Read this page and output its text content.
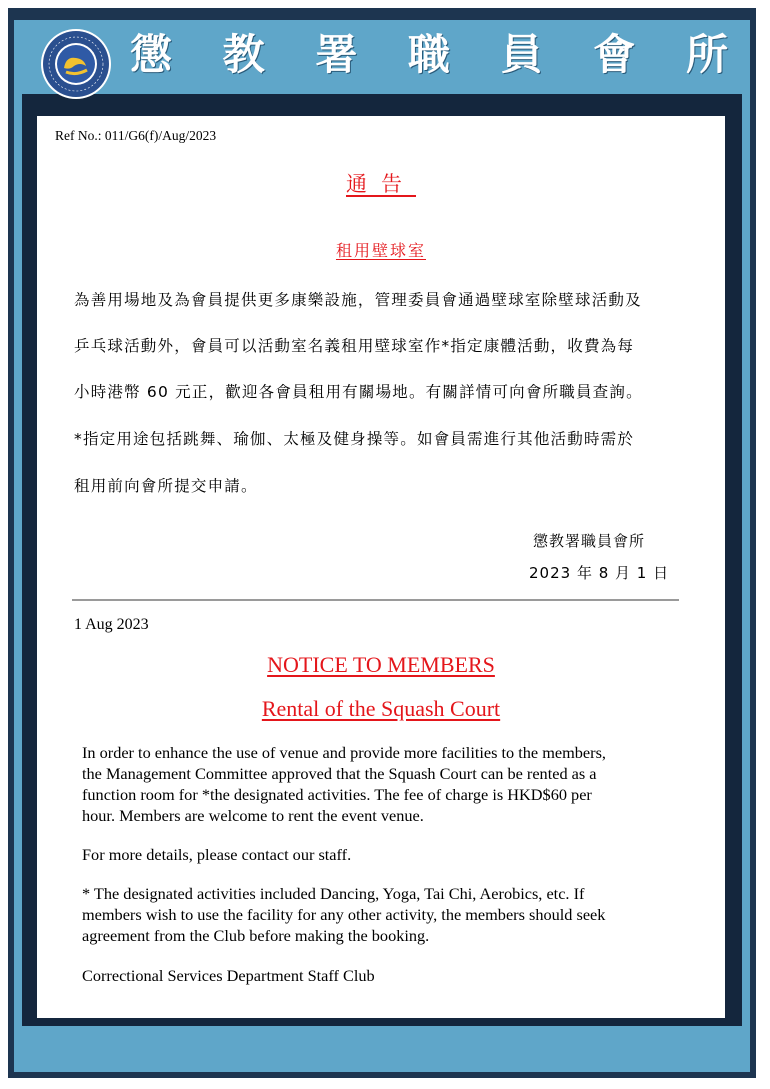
懲 教 署 職 員 會 所
Ref No.: 011/G6(f)/Aug/2023
通告
租用壁球室
為善用場地及為會員提供更多康樂設施，管理委員會通過壁球室除壁球活動及
乒乓球活動外，會員可以活動室名義租用壁球室作*指定康體活動，收費為每
小時港幣 60 元正，歡迎各會員租用有關場地。有關詳情可向會所職員查詢。
*指定用途包括跳舞、瑜伽、太極及健身操等。如會員需進行其他活動時需於
租用前向會所提交申請。
懲教署職員會所
2023 年 8 月 1 日
1 Aug 2023
NOTICE TO MEMBERS
Rental of the Squash Court
In order to enhance the use of venue and provide more facilities to the members,
the Management Committee approved that the Squash Court can be rented as a
function room for *the designated activities. The fee of charge is HKD$60 per
hour. Members are welcome to rent the event venue.
For more details, please contact our staff.
* The designated activities included Dancing, Yoga, Tai Chi, Aerobics, etc. If
members wish to use the facility for any other activity, the members should seek
agreement from the Club before making the booking.
Correctional Services Department Staff Club
